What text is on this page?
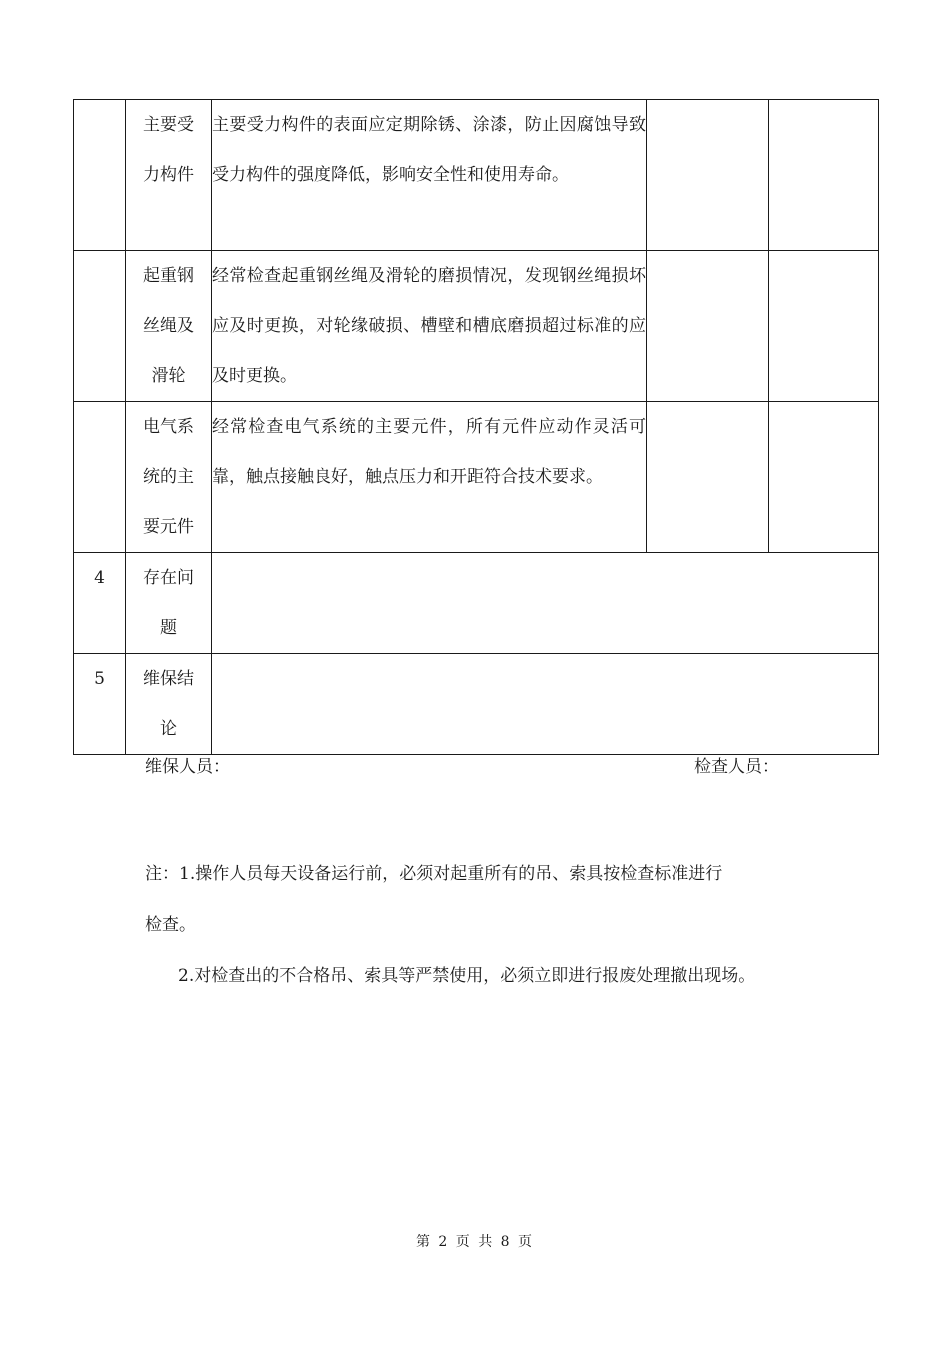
	主要受
力构件	主要受力构件的表面应定期除锈、涂漆，防止因腐蚀导致受力构件的强度降低，影响安全性和使用寿命。		

	起重钢
丝绳及
滑轮	经常检查起重钢丝绳及滑轮的磨损情况，发现钢丝绳损坏应及时更换，对轮缘破损、槽壁和槽底磨损超过标准的应及时更换。		

	电气系
统的主
要元件	经常检查电气系统的主要元件，所有元件应动作灵活可靠，触点接触良好，触点压力和开距符合技术要求。		
4	存在问
题			

5	维保结
论			

维保人员：	检查人员：
注：1.操作人员每天设备运行前，必须对起重所有的吊、索具按检查标准进行
检查。
2.对检查出的不合格吊、索具等严禁使用，必须立即进行报废处理撤出现场。
第 2 页 共 8 页
